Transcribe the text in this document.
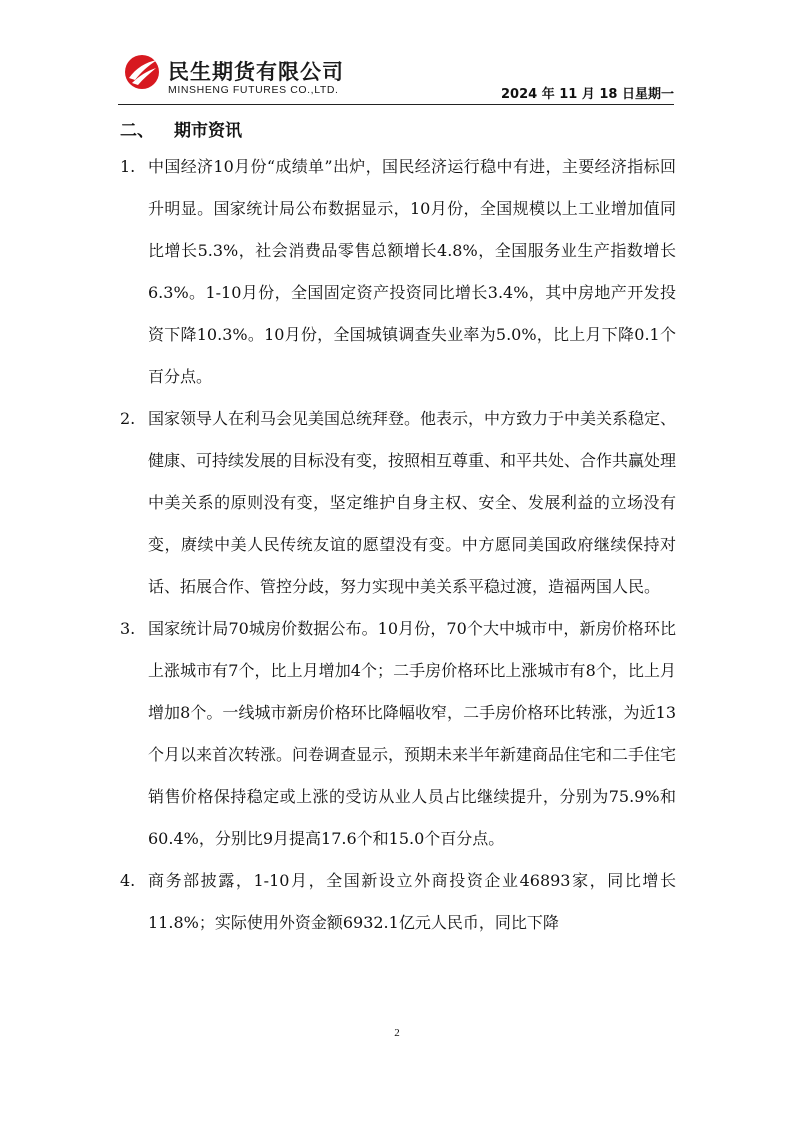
民生期货有限公司
MINSHENG FUTURES CO.,LTD.	2024 年 11 月 18 日星期一
二、 期市资讯

1. 中国经济10月份“成绩单”出炉，国民经济运行稳中有进，主要经济指标回升明显。国家统计局公布数据显示，10月份，全国规模以上工业增加值同比增长5.3%，社会消费品零售总额增长4.8%，全国服务业生产指数增长6.3%。1-10月份，全国固定资产投资同比增长3.4%，其中房地产开发投资下降10.3%。10月份，全国城镇调查失业率为5.0%，比上月下降0.1个百分点。

2. 国家领导人在利马会见美国总统拜登。他表示，中方致力于中美关系稳定、健康、可持续发展的目标没有变，按照相互尊重、和平共处、合作共赢处理中美关系的原则没有变，坚定维护自身主权、安全、发展利益的立场没有变，赓续中美人民传统友谊的愿望没有变。中方愿同美国政府继续保持对话、拓展合作、管控分歧，努力实现中美关系平稳过渡，造福两国人民。

3. 国家统计局70城房价数据公布。10月份，70个大中城市中，新房价格环比上涨城市有7个，比上月增加4个；二手房价格环比上涨城市有8个，比上月增加8个。一线城市新房价格环比降幅收窄，二手房价格环比转涨，为近13个月以来首次转涨。问卷调查显示，预期未来半年新建商品住宅和二手住宅销售价格保持稳定或上涨的受访从业人员占比继续提升，分别为75.9%和60.4%，分别比9月提高17.6个和15.0个百分点。

4. 商务部披露，1-10月，全国新设立外商投资企业46893家，同比增长11.8%；实际使用外资金额6932.1亿元人民币，同比下降

2
